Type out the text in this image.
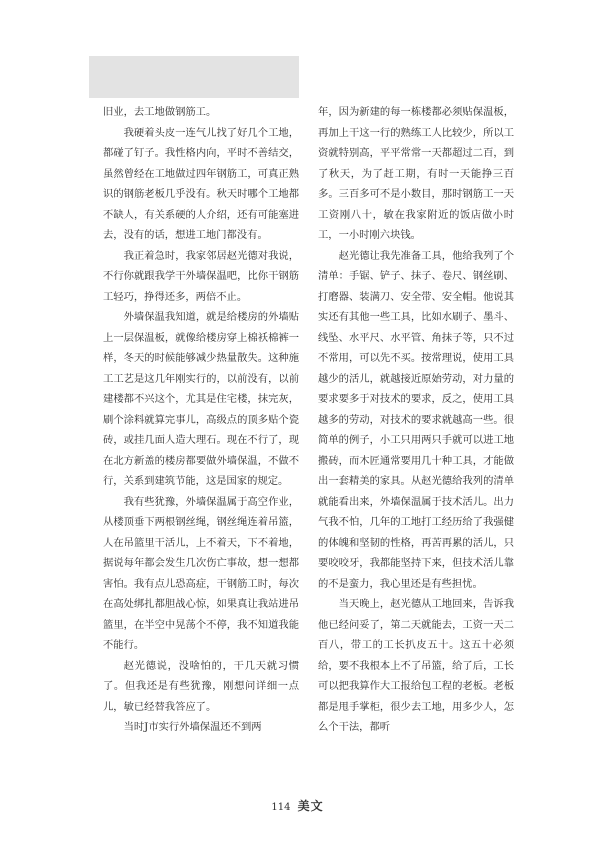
旧业，去工地做钢筋工。

我硬着头皮一连气儿找了好几个工地，都碰了钉子。我性格内向，平时不善结交，虽然曾经在工地做过四年钢筋工，可真正熟识的钢筋老板几乎没有。秋天时哪个工地都不缺人，有关系硬的人介绍，还有可能塞进去，没有的话，想进工地门都没有。

我正着急时，我家邻居赵光德对我说，不行你就跟我学干外墙保温吧，比你干钢筋工轻巧，挣得还多，两倍不止。

外墙保温我知道，就是给楼房的外墙贴上一层保温板，就像给楼房穿上棉袄棉裤一样，冬天的时候能够减少热量散失。这种施工工艺是这几年刚实行的，以前没有，以前建楼都不兴这个，尤其是住宅楼，抹完灰，刷个涂料就算完事儿，高级点的顶多贴个瓷砖，或挂几面人造大理石。现在不行了，现在北方新盖的楼房都要做外墙保温，不做不行，关系到建筑节能，这是国家的规定。

我有些犹豫，外墙保温属于高空作业，从楼顶垂下两根钢丝绳，钢丝绳连着吊篮，人在吊篮里干活儿，上不着天，下不着地，据说每年都会发生几次伤亡事故，想一想都害怕。我有点儿恐高症，干钢筋工时，每次在高处绑扎都胆战心惊，如果真让我站进吊篮里，在半空中晃荡个不停，我不知道我能不能行。

赵光德说，没啥怕的，干几天就习惯了。但我还是有些犹豫，刚想问详细一点儿，敏已经替我答应了。

当时J市实行外墙保温还不到两

年，因为新建的每一栋楼都必须贴保温板，再加上干这一行的熟练工人比较少，所以工资就特别高，平平常常一天都超过二百，到了秋天，为了赶工期，有时一天能挣三百多。三百多可不是小数目，那时钢筋工一天工资刚八十，敏在我家附近的饭店做小时工，一小时刚六块钱。

赵光德让我先准备工具，他给我列了个清单：手锯、铲子、抹子、卷尺、钢丝刷、打磨器、装满刀、安全带、安全帽。他说其实还有其他一些工具，比如水刷子、墨斗、线坠、水平尺、水平管、角抹子等，只不过不常用，可以先不买。按常理说，使用工具越少的活儿，就越接近原始劳动，对力量的要求要多于对技术的要求，反之，使用工具越多的劳动，对技术的要求就越高一些。很简单的例子，小工只用两只手就可以进工地搬砖，而木匠通常要用几十种工具，才能做出一套精美的家具。从赵光德给我列的清单就能看出来，外墙保温属于技术活儿。出力气我不怕，几年的工地打工经历给了我强健的体魄和坚韧的性格，再苦再累的活儿，只要咬咬牙，我都能坚持下来，但技术活儿靠的不是蛮力，我心里还是有些担忧。

当天晚上，赵光德从工地回来，告诉我他已经问妥了，第二天就能去，工资一天二百八，带工的工长扒皮五十。这五十必须给，要不我根本上不了吊篮，给了后，工长可以把我算作大工报给包工程的老板。老板都是甩手掌柜，很少去工地，用多少人，怎么个干法，都听

114 美文
